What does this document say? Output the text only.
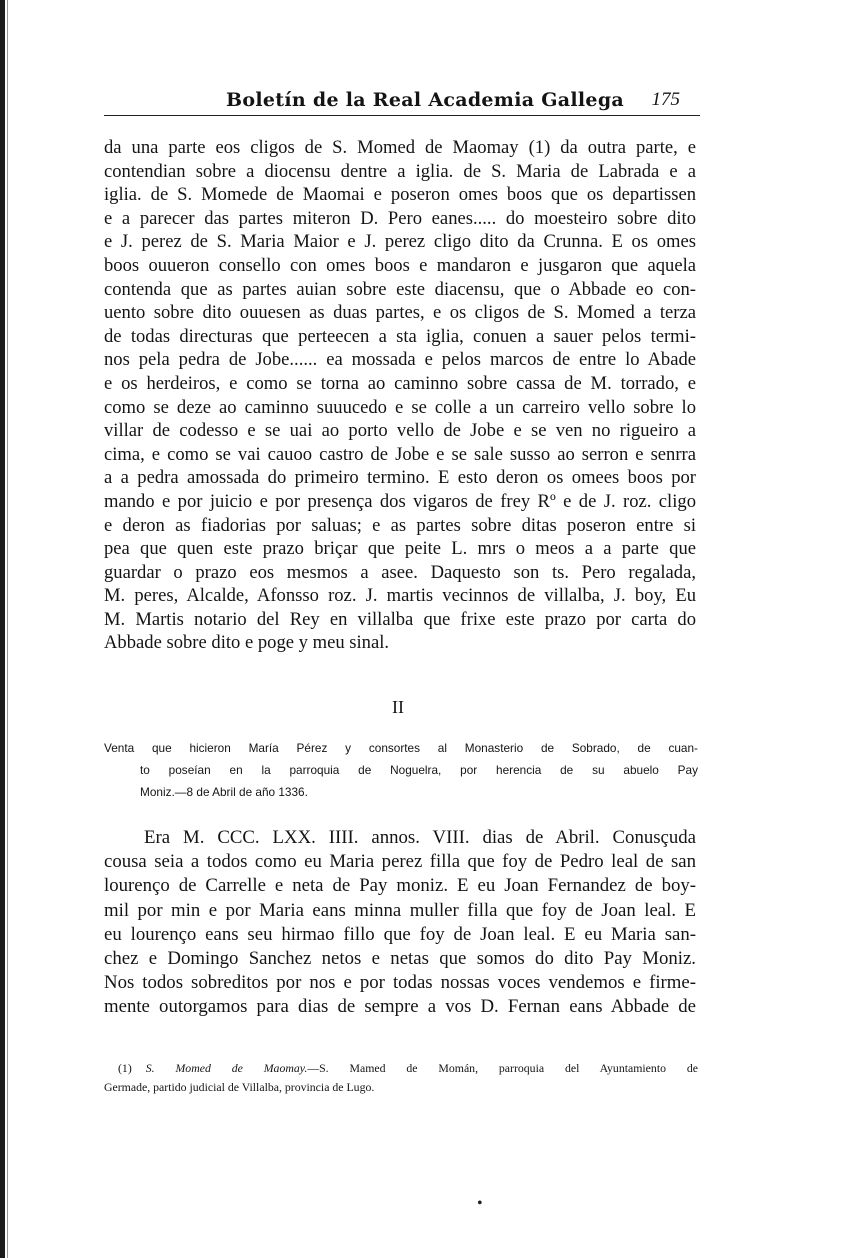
Boletín de la Real Academia Gallega 175
da una parte eos cligos de S. Momed de Maomay (1) da outra parte, e
contendian sobre a diocensu dentre a iglia. de S. Maria de Labrada e a
iglia. de S. Momede de Maomai e poseron omes boos que os departissen
e a parecer das partes miteron D. Pero eanes..... do moesteiro sobre dito
e J. perez de S. Maria Maior e J. perez cligo dito da Crunna. E os omes
boos ouueron consello con omes boos e mandaron e jusgaron que aquela
contenda que as partes auian sobre este diacensu, que o Abbade eo con-
uento sobre dito ouuesen as duas partes, e os cligos de S. Momed a terza
de todas directuras que perteecen a sta iglia, conuen a sauer pelos termi-
nos pela pedra de Jobe...... ea mossada e pelos marcos de entre lo Abade
e os herdeiros, e como se torna ao caminno sobre cassa de M. torrado, e
como se deze ao caminno suuucedo e se colle a un carreiro vello sobre lo
villar de codesso e se uai ao porto vello de Jobe e se ven no rigueiro a
cima, e como se vai cauoo castro de Jobe e se sale susso ao serron e senrra
a a pedra amossada do primeiro termino. E esto deron os omees boos por
mando e por juicio e por presença dos vigaros de frey Rº e de J. roz. cligo
e deron as fiadorias por saluas; e as partes sobre ditas poseron entre si
pea que quen este prazo briçar que peite L. mrs o meos a a parte que
guardar o prazo eos mesmos a asee. Daquesto son ts. Pero regalada,
M. peres, Alcalde, Afonsso roz. J. martis vecinnos de villalba, J. boy, Eu
M. Martis notario del Rey en villalba que frixe este prazo por carta do
Abbade sobre dito e poge y meu sinal.
II
Venta que hicieron María Pérez y consortes al Monasterio de Sobrado, de cuan-
to poseían en la parroquia de Noguelra, por herencia de su abuelo Pay
Moniz.—8 de Abril de año 1336.
Era M. CCC. LXX. IIII. annos. VIII. dias de Abril. Conusçuda
cousa seia a todos como eu Maria perez filla que foy de Pedro leal de san
lourenço de Carrelle e neta de Pay moniz. E eu Joan Fernandez de boy-
mil por min e por Maria eans minna muller filla que foy de Joan leal. E
eu lourenço eans seu hirmao fillo que foy de Joan leal. E eu Maria san-
chez e Domingo Sanchez netos e netas que somos do dito Pay Moniz.
Nos todos sobreditos por nos e por todas nossas voces vendemos e firme-
mente outorgamos para dias de sempre a vos D. Fernan eans Abbade de
(1) S. Momed de Maomay.—S. Mamed de Momán, parroquia del Ayuntamiento de
Germade, partido judicial de Villalba, provincia de Lugo.
•
